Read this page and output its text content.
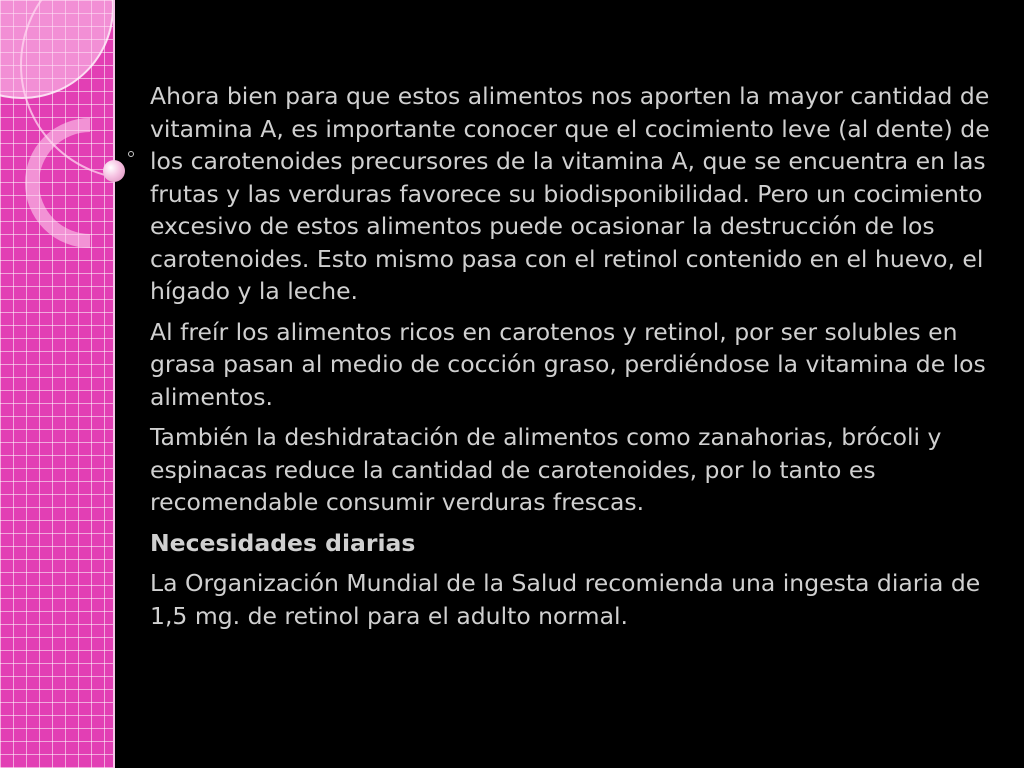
Ahora bien para que estos alimentos nos aporten la mayor cantidad de vitamina A, es importante conocer que el cocimiento leve (al dente) de los carotenoides precursores de la vitamina A, que se encuentra en las frutas y las verduras favorece su biodisponibilidad. Pero un cocimiento excesivo de estos alimentos puede ocasionar la destrucción de los carotenoides. Esto mismo pasa con el retinol contenido en el huevo, el hígado y la leche.

Al freír los alimentos ricos en carotenos y retinol, por ser solubles en grasa pasan al medio de cocción graso, perdiéndose la vitamina de los alimentos.

También la deshidratación de alimentos como zanahorias, brócoli y espinacas reduce la cantidad de carotenoides, por lo tanto es recomendable consumir verduras frescas.

Necesidades diarias

La Organización Mundial de la Salud recomienda una ingesta diaria de 1,5 mg. de retinol para el adulto normal.
